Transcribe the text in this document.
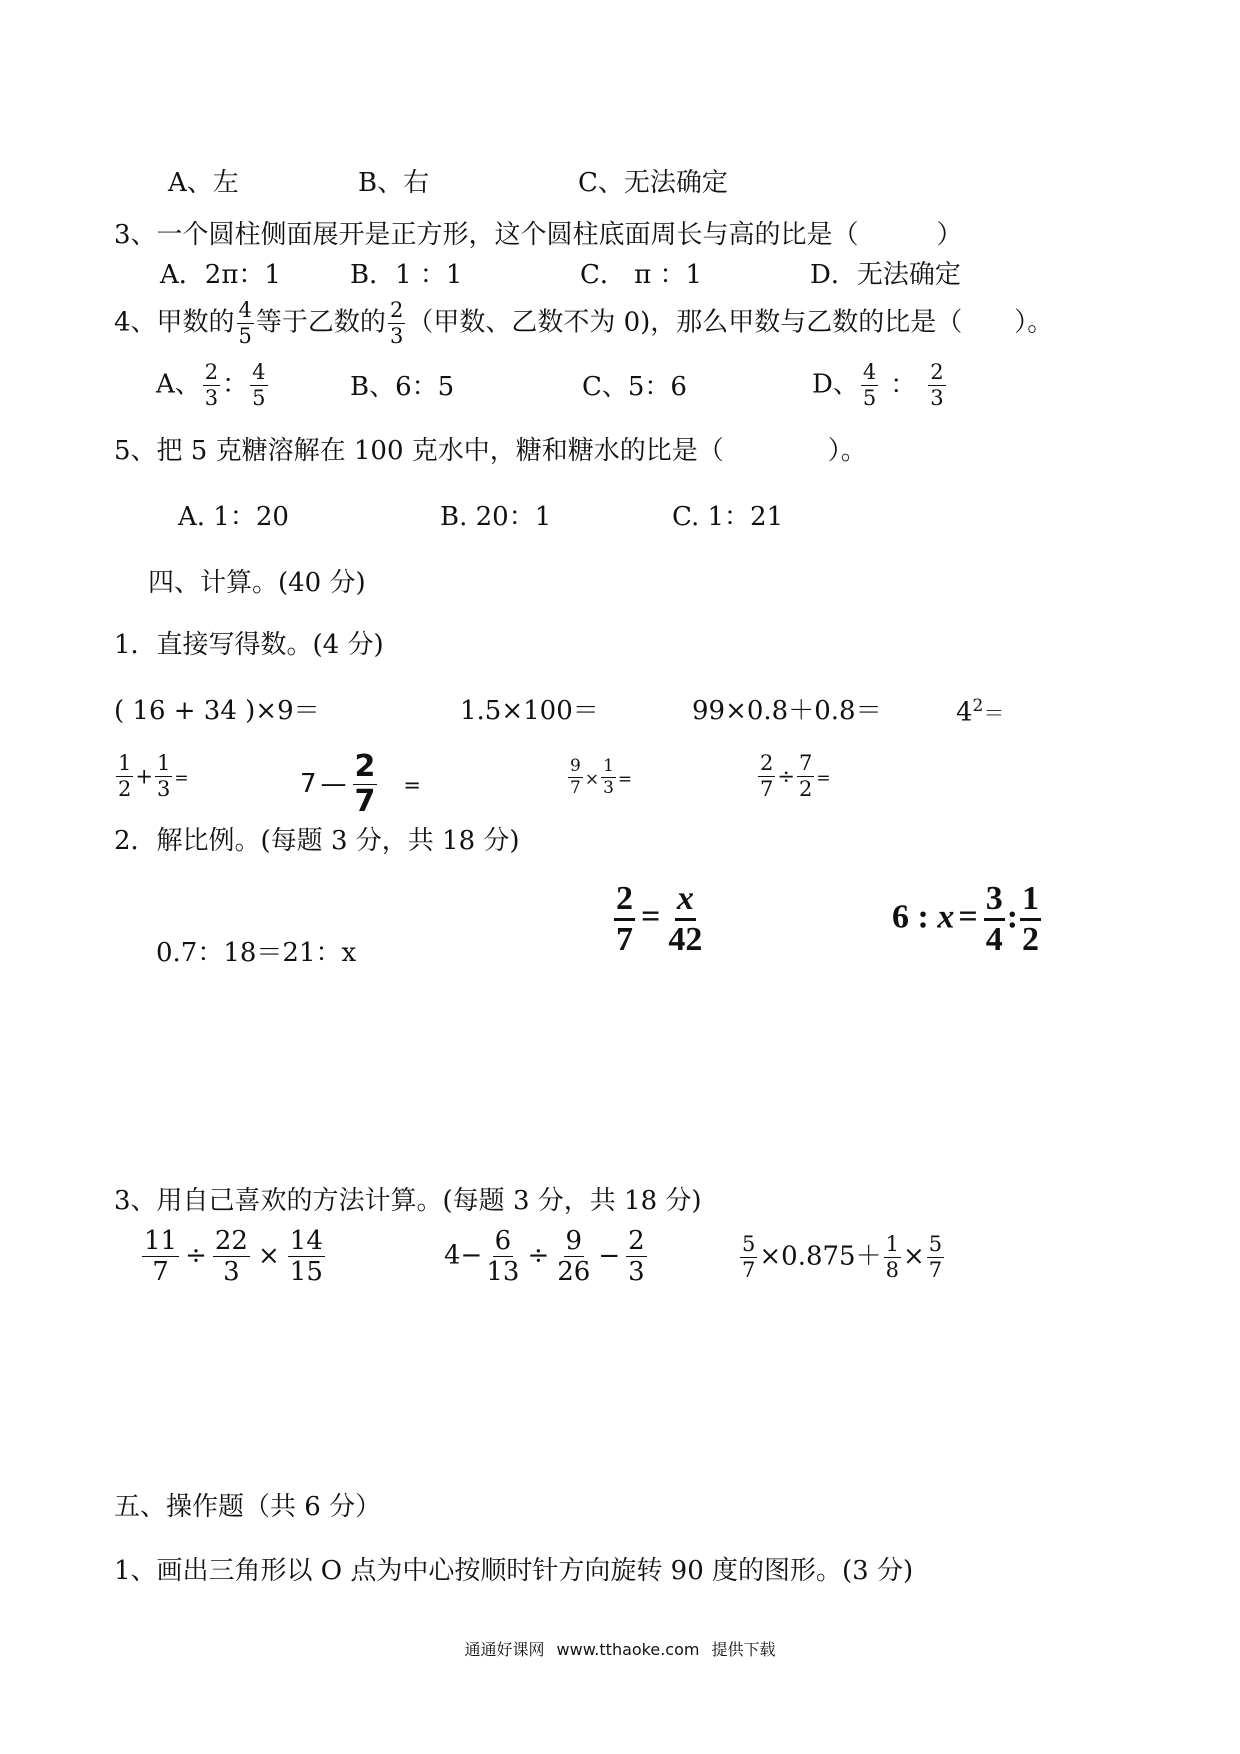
A、左	B、右	C、无法确定
3、一个圆柱侧面展开是正方形，这个圆柱底面周长与高的比是（　　　）
A．2π：1	B．1 ：1	C． π ：1	D．无法确定
4、甲数的 $\frac{4}{5}$ 等于乙数的 $\frac{2}{3}$ （甲数、乙数不为 0)，那么甲数与乙数的比是（　　）。
A、 $\frac{2}{3}$ ： $\frac{4}{5}$	B、6：5	C、5：6	D、 $\frac{4}{5}$ ： $\frac{2}{3}$
5、把 5 克糖溶解在 100 克水中，糖和糖水的比是（　　　　）。
A. 1：20	B. 20：1	C. 1：21
四、计算。(40 分)
1．直接写得数。(4 分)
( 16 + 34 )×9＝	1.5×100＝	99×0.8＋0.8＝	$4^2=$
$\frac{1}{2} + \frac{1}{3}$ =	7 — $\frac{2}{7}$ =	$\frac{9}{7} \times \frac{1}{3}$ =	$\frac{2}{7} \div \frac{7}{2}$ =
2．解比例。(每题 3 分，共 18 分)
0.7：18＝21：x	$\frac{2}{7} = \frac{x}{42}$	6 : $x = \frac{3}{4}$ : $\frac{1}{2}$
3、用自己喜欢的方法计算。(每题 3 分，共 18 分)
$\frac{11}{7} \div \frac{22}{3} \times \frac{14}{15}$	$4- \frac{6}{13} \div \frac{9}{26} - \frac{2}{3}$	$\frac{5}{7} \times 0.875+ \frac{1}{8} \times \frac{5}{7}$
五、操作题（共 6 分）
1、画出三角形以 O 点为中心按顺时针方向旋转 90 度的图形。(3 分)
通通好课网 www.tthaoke.com 提供下载
